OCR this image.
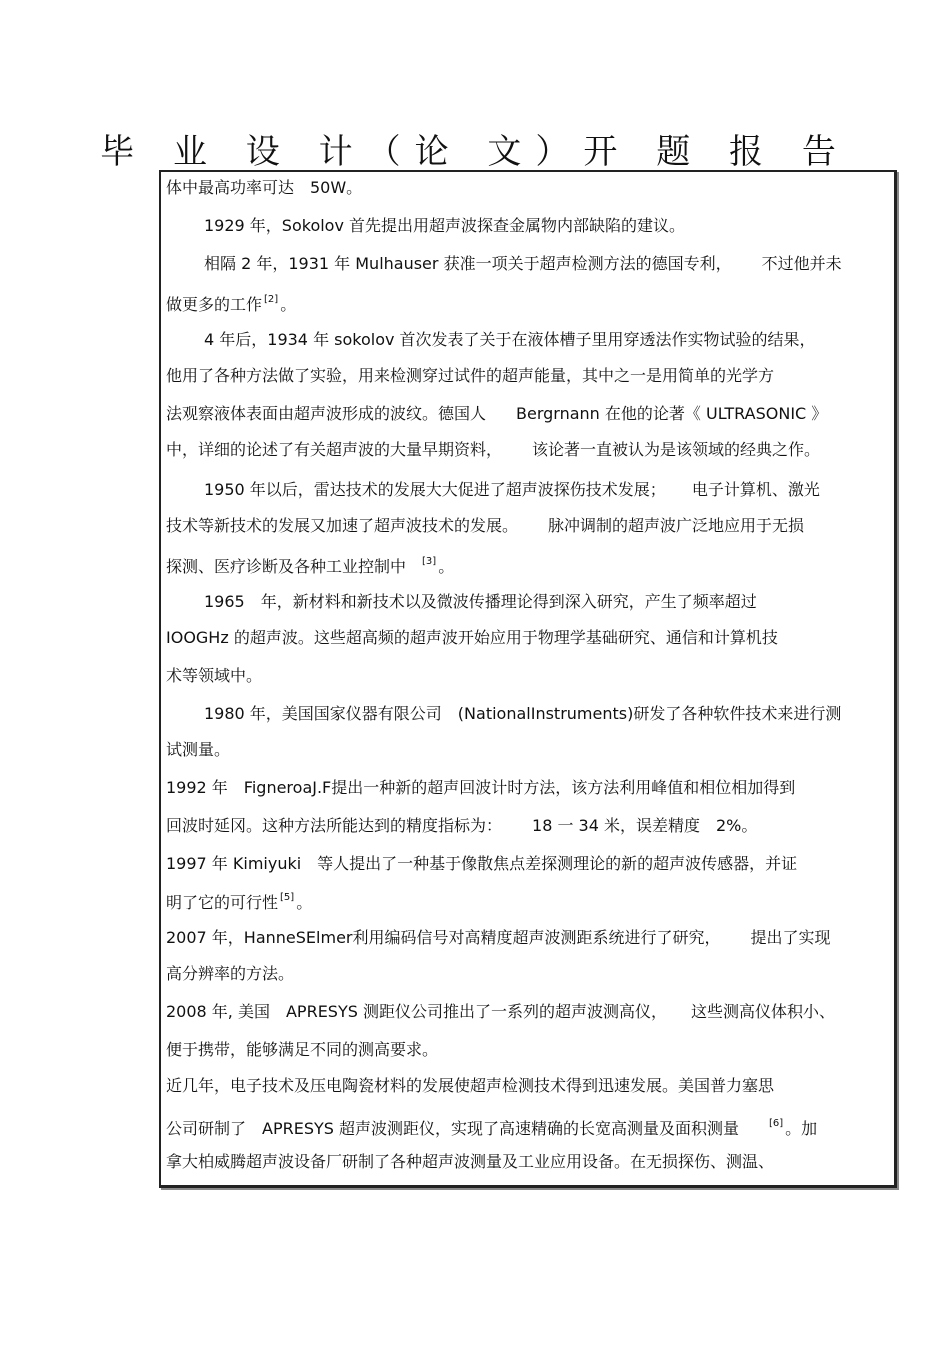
毕 业 设 计（论 文）开 题 报 告
体中最高功率可达　50W。
1929 年，Sokolov 首先提出用超声波探查金属物内部缺陷的建议。
相隔 2 年，1931 年 Mulhauser 获准一项关于超声检测方法的德国专利， 不过他并未
做更多的工作 [2] 。
4 年后，1934 年 sokolov 首次发表了关于在液体槽子里用穿透法作实物试验的结果，
他用了各种方法做了实验，用来检测穿过试件的超声能量，其中之一是用简单的光学方
法观察液体表面由超声波形成的波纹。德国人 Bergrnann 在他的论著《 ULTRASONIC 》
中，详细的论述了有关超声波的大量早期资料， 该论著一直被认为是该领域的经典之作。
1950 年以后，雷达技术的发展大大促进了超声波探伤技术发展； 电子计算机、激光
技术等新技术的发展又加速了超声波技术的发展。 脉冲调制的超声波广泛地应用于无损
探测、医疗诊断及各种工业控制中 [3] 。
1965　年，新材料和新技术以及微波传播理论得到深入研究，产生了频率超过
IOOGHz 的超声波。这些超高频的超声波开始应用于物理学基础研究、通信和计算机技
术等领域中。
1980 年，美国国家仪器有限公司　(NationalInstruments)研发了各种软件技术来进行测
试测量。
1992 年　FigneroaJ.F提出一种新的超声回波计时方法，该方法利用峰值和相位相加得到
回波时延冈。这种方法所能达到的精度指标为： 18 一 34 米，误差精度　2%。
1997 年 Kimiyuki　等人提出了一种基于像散焦点差探测理论的新的超声波传感器，并证
明了它的可行性 [5] 。
2007 年，HanneSElmer利用编码信号对高精度超声波测距系统进行了研究， 提出了实现
高分辨率的方法。
2008 年, 美国　APRESYS 测距仪公司推出了一系列的超声波测高仪， 这些测高仪体积小、
便于携带，能够满足不同的测高要求。
近几年，电子技术及压电陶瓷材料的发展使超声检测技术得到迅速发展。美国普力塞思
公司研制了　APRESYS 超声波测距仪，实现了高速精确的长宽高测量及面积测量	[6] 。加
拿大柏威腾超声波设备厂研制了各种超声波测量及工业应用设备。在无损探伤、测温、
